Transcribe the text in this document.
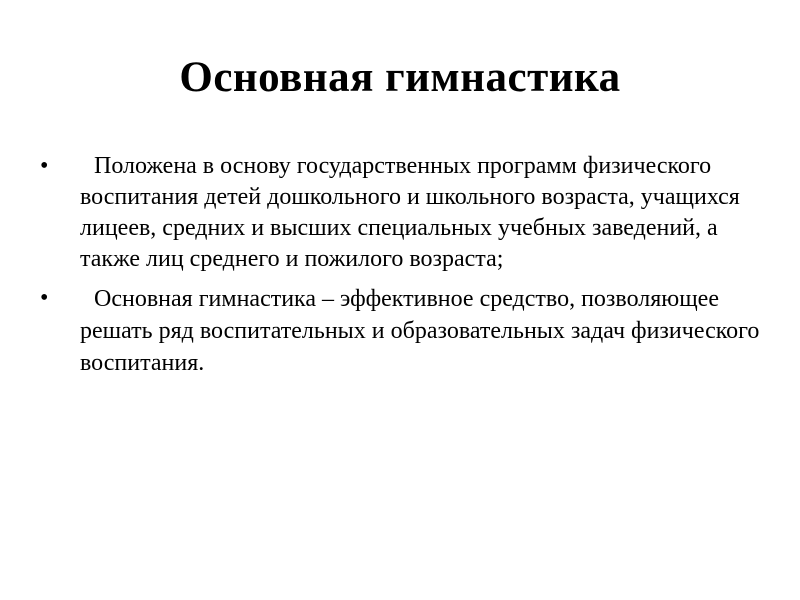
Основная гимнастика
•	Положена в основу государственных программ физического воспитания детей дошкольного и школьного возраста, учащихся лицеев, средних и высших специальных учебных заведений, а также лиц среднего и пожилого возраста;
•	Основная гимнастика – эффективное средство, позволяющее решать ряд воспитательных и образовательных задач физического воспитания.
